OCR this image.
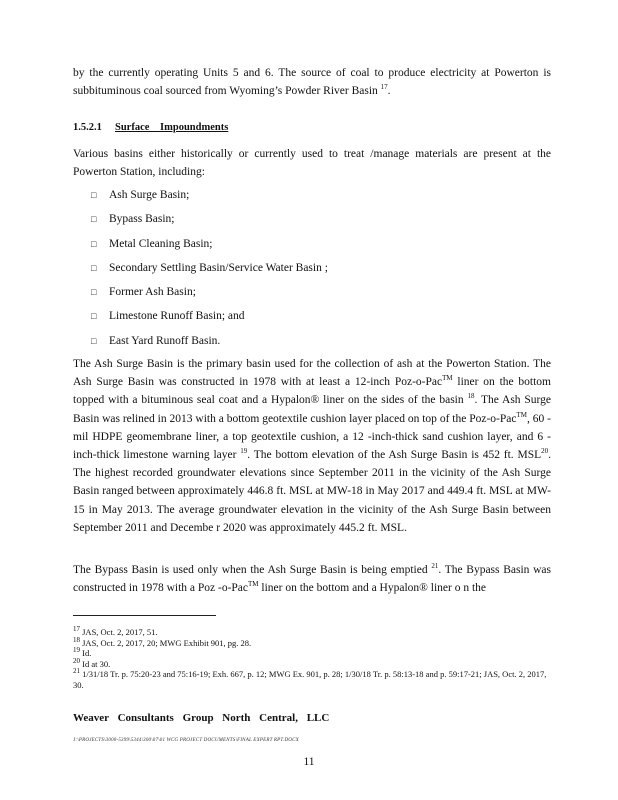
by the currently operating Units 5 and 6. The source of coal to produce electricity at Powerton is subbituminous coal sourced from Wyoming’s Powder River Basin $^{17}$.

1.5.2.1 Surface Impoundments

Various basins either historically or currently used to treat /manage materials are present at the Powerton Station, including:

□	Ash Surge Basin;
□	Bypass Basin;
□	Metal Cleaning Basin;
□	Secondary Settling Basin/Service Water Basin ;
□	Former Ash Basin;
□	Limestone Runoff Basin; and
□	East Yard Runoff Basin.

The Ash Surge Basin is the primary basin used for the collection of ash at the Powerton Station. The Ash Surge Basin was constructed in 1978 with at least a 12-inch Poz-o-Pac™ liner on the bottom topped with a bituminous seal coat and a Hypalon® liner on the sides of the basin $^{18}$. The Ash Surge Basin was relined in 2013 with a bottom geotextile cushion layer placed on top of the Poz-o-Pac™, 60 -mil HDPE geomembrane liner, a top geotextile cushion, a 12 -inch-thick sand cushion layer, and 6 -inch-thick limestone warning layer $^{19}$. The bottom elevation of the Ash Surge Basin is 452 ft. MSL$^{20}$. The highest recorded groundwater elevations since September 2011 in the vicinity of the Ash Surge Basin ranged between approximately 446.8 ft. MSL at MW-18 in May 2017 and 449.4 ft. MSL at MW-15 in May 2013. The average groundwater elevation in the vicinity of the Ash Surge Basin between September 2011 and Decembe r 2020 was approximately 445.2 ft. MSL.

The Bypass Basin is used only when the Ash Surge Basin is being emptied $^{21}$. The Bypass Basin was constructed in 1978 with a Poz -o-Pac™ liner on the bottom and a Hypalon® liner o n the

$^{17}$ JAS, Oct. 2, 2017, 51.
$^{18}$ JAS, Oct. 2, 2017, 20; MWG Exhibit 901, pg. 28.
$^{19}$ Id.
$^{20}$ Id at 30.
$^{21}$ 1/31/18 Tr. p. 75:20-23 and 75:16-19; Exh. 667, p. 12; MWG Ex. 901, p. 28; 1/30/18 Tr. p. 58:13-18 and p. 59:17-21; JAS, Oct. 2, 2017, 30.
Weaver Consultants Group North Central, LLC
J:\PROJECTS\3000-5399\5344\300\07\01 WCG PROJECT DOCUMENTS\FINAL EXPERT RPT.DOCX
11
